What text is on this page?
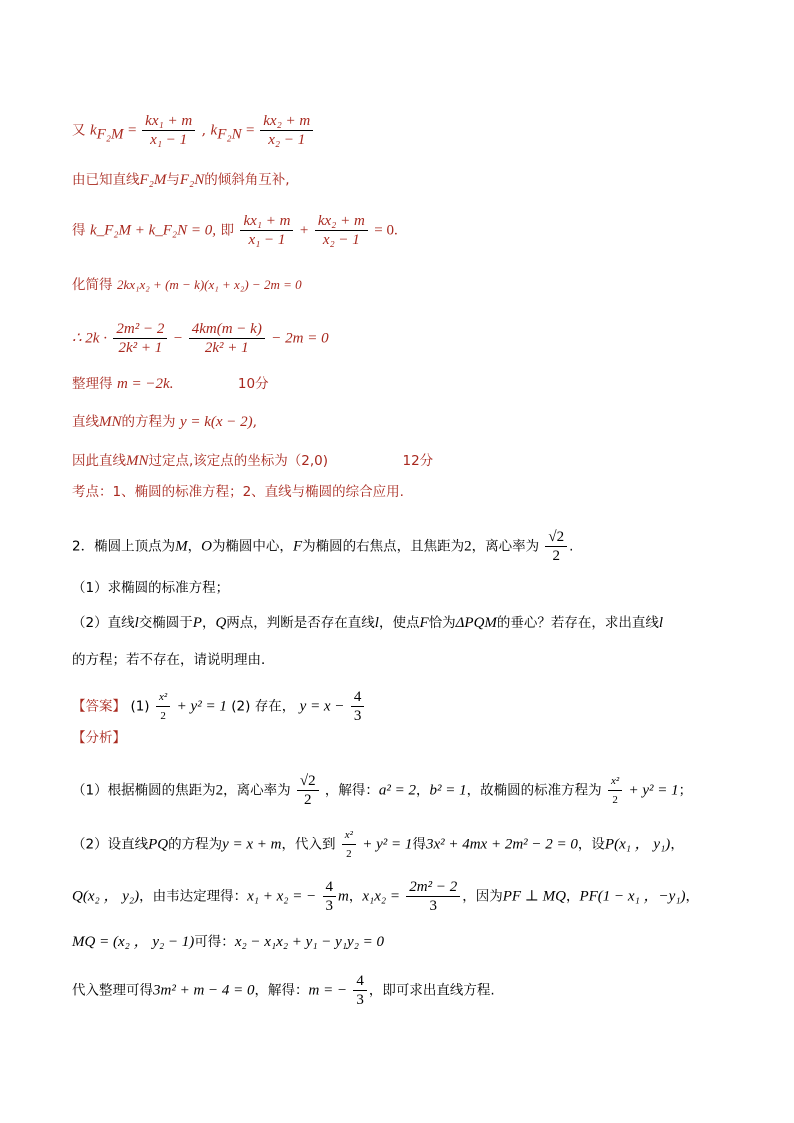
又 $k_{F_2M} = \frac{\text{kx₁ + m}}{\text{x₁ − 1}}$ , $k_{F_2N} = \frac{\text{kx₂ + m}}{\text{x₂ − 1}}$
由已知直线F₂M与F₂N的倾斜角互补,
得 k_F₂M + k_F₂N = 0, 即 $\frac{\text{kx₁ + m}}{\text{x₁ − 1}} + \frac{\text{kx₂ + m}}{\text{x₂ − 1}} = 0$.
化简得 2kx₁x₂ + (m − k)(x₁ + x₂) − 2m = 0
∴ $2k \cdot \frac{\text{2m² − 2}}{\text{2k² + 1}} - \frac{4km(m - k)}{\text{2k² + 1}} - 2m = 0$
整理得 m = −2k.	10分
直线MN的方程为 y = k(x − 2),
因此直线MN过定点,该定点的坐标为（2,0)	12分
考点：1、椭圆的标准方程；2、直线与椭圆的综合应用.
2．椭圆上顶点为M，O为椭圆中心，F为椭圆的右焦点，且焦距为2，离心率为 $\frac{√2}{2}$ .
（1）求椭圆的标准方程；
（2）直线l交椭圆于P，Q两点，判断是否存在直线l，使点F恰为ΔPQM的垂心？若存在，求出直线l
的方程；若不存在，请说明理由．
【答案】 $(1) \frac{\text{x²}}{2} + y^2 = 1$ (2) 存在， $y = x - \frac{4}{3}$
【分析】
（1）根据椭圆的焦距为2，离心率为 $\frac{√2}{2}$ ，解得：a² = 2，b² = 1，故椭圆的标准方程为 $\frac{\text{x²}}{2} + y^2 = 1$；
（2）设直线PQ的方程为y = x + m，代入到 $\frac{\text{x²}}{2} + y^2 = 1$得3x² + 4mx + 2m² − 2 = 0，设P(x₁ ， y₁)，
Q(x₂ ， y₂)，由韦达定理得：x₁ + x₂ = − $\frac{4}{3}$ m，$x_1x_2 = \frac{\text{2m² − 2}}{3}$ ，因为PF ⊥ MQ，PF(1 − x₁ ，−y₁)，
MQ = (x₂ ， y₂ − 1)可得：x₂ − x₁x₂ + y₁ − y₁y₂ = 0
代入整理可得3m² + m − 4 = 0，解得：m = − $\frac{4}{3}$ ，即可求出直线方程.
